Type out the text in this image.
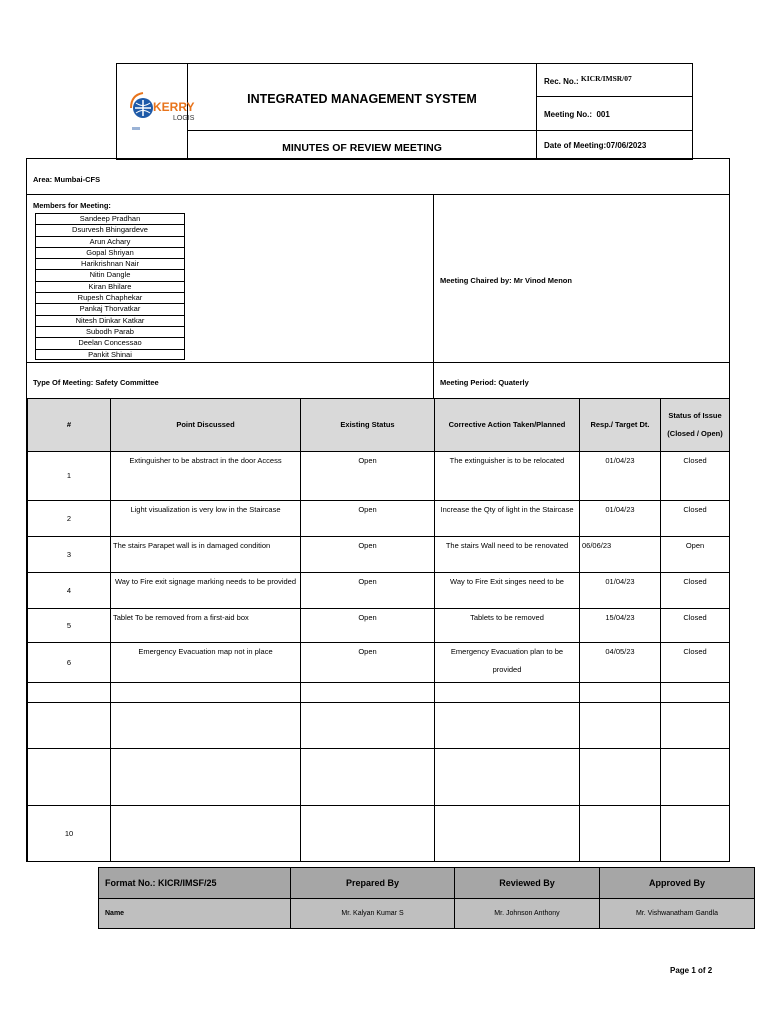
KERRY
LOGIS
INTEGRATED MANAGEMENT SYSTEM
MINUTES OF REVIEW MEETING
Rec. No.: KICR/IMSR/07
Meeting No.: 001
Date of Meeting:07/06/2023
Area: Mumbai-CFS
Members for Meeting:
Sandeep Pradhan
Dsurvesh Bhingardeve
Arun Achary
Gopal Shriyan
Harikrishnan Nair
Nitin Dangle
Kiran Bhilare
Rupesh Chaphekar
Pankaj Thorvatkar
Nitesh Dinkar Katkar
Subodh Parab
Deelan Concessao
Pankit Shinai
Meeting Chaired by: Mr Vinod Menon
Type Of Meeting: Safety Committee	Meeting Period: Quaterly
#	Point Discussed	Existing Status	Corrective Action Taken/Planned	Resp./ Target Dt.	Status of Issue (Closed / Open)
1	Extinguisher to be abstract in the door Access	Open	The extinguisher is to be relocated	01/04/23	Closed
2	Light visualization is very low in the Staircase	Open	Increase the Qty of light in the Staircase	01/04/23	Closed
3	The stairs Parapet wall is in damaged condition	Open	The stairs Wall need to be renovated	06/06/23	Open
4	Way to Fire exit signage marking needs to be provided	Open	Way to Fire Exit singes need to be	01/04/23	Closed
5	Tablet To be removed from a first-aid box	Open	Tablets to be removed	15/04/23	Closed
6	Emergency Evacuation map not in place	Open	Emergency Evacuation plan to be provided	04/05/23	Closed

10					
Format No.: KICR/IMSF/25	Prepared By	Reviewed By	Approved By
Name	Mr. Kalyan Kumar S	Mr. Johnson Anthony	Mr. Vishwanatham Gandla
Page 1 of 2
